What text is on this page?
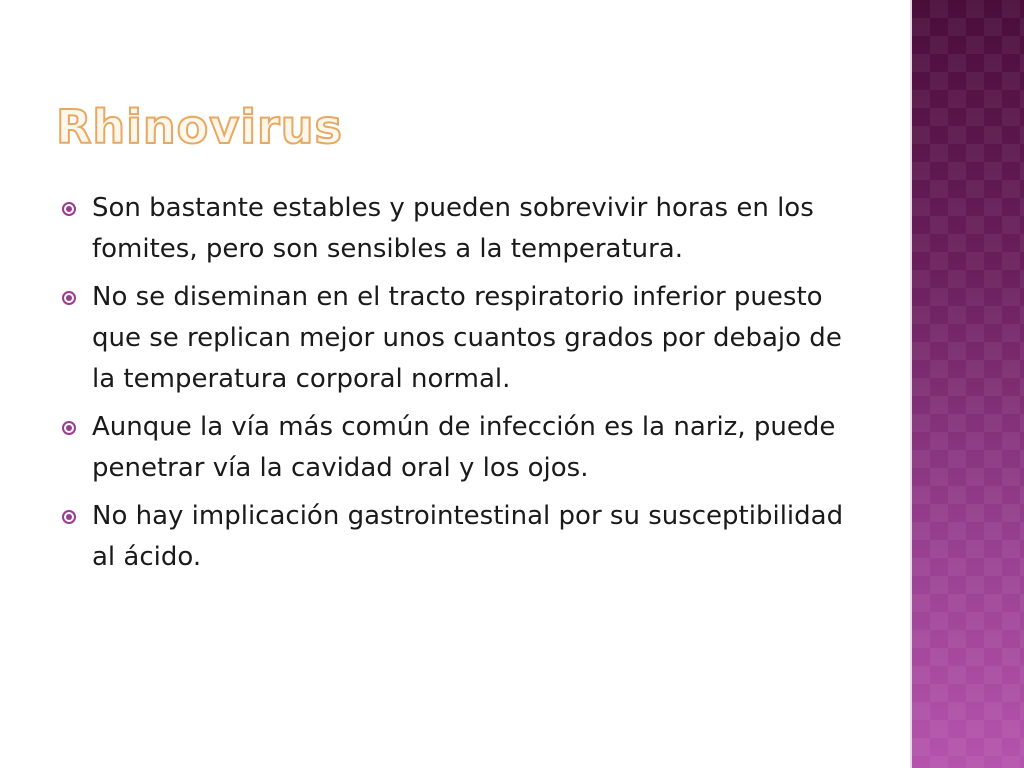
Rhinovirus
Son bastante estables y pueden sobrevivir horas en los fomites, pero son sensibles a la temperatura.
No se diseminan en el tracto respiratorio inferior puesto que se replican mejor unos cuantos grados por debajo de la temperatura corporal normal.
Aunque la vía más común de infección es la nariz, puede penetrar vía la cavidad oral y los ojos.
No hay implicación gastrointestinal por su susceptibilidad al ácido.
